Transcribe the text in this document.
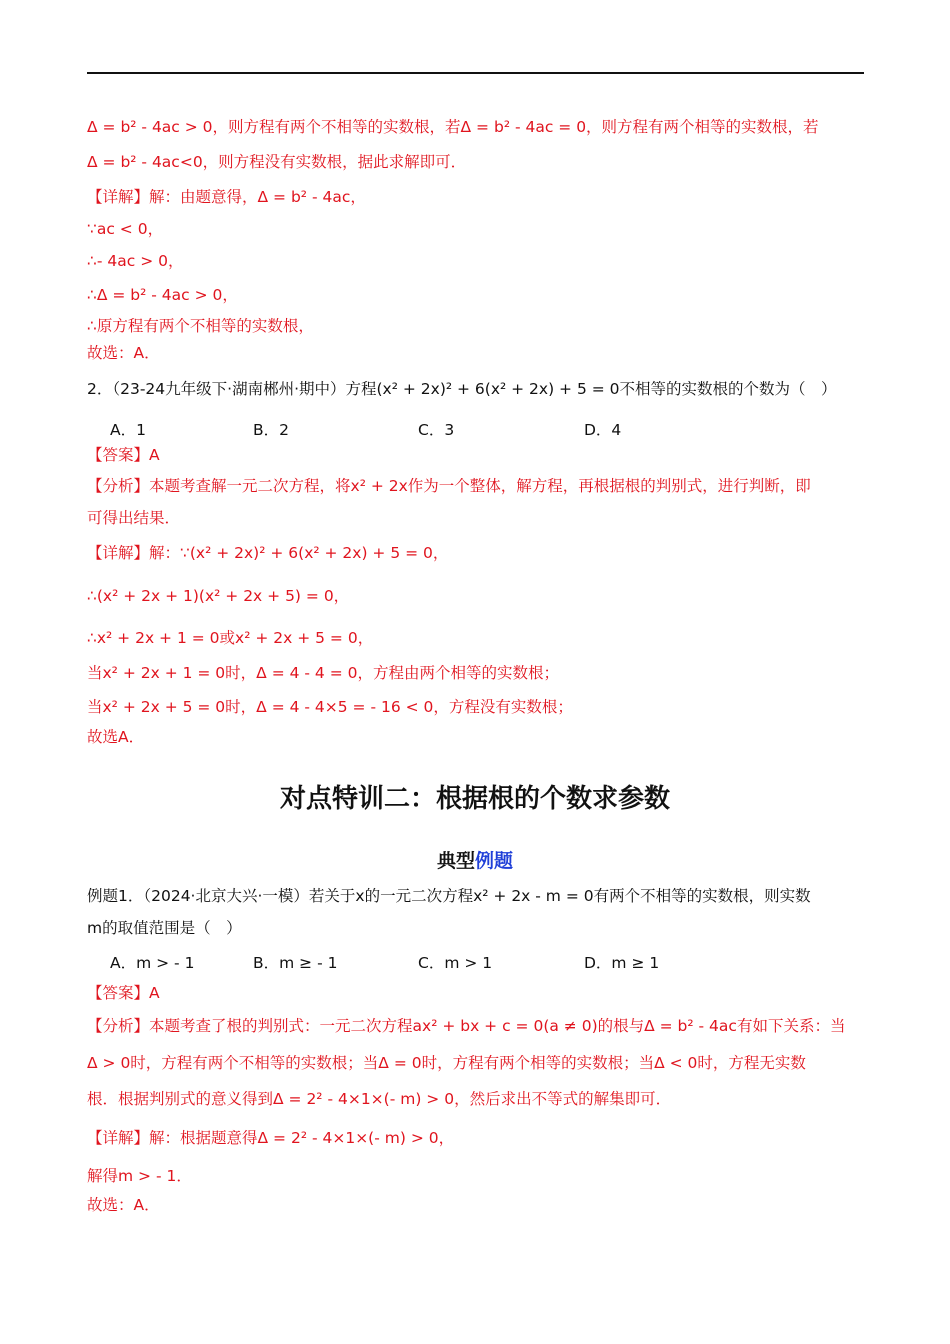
Δ = b² - 4ac > 0，则方程有两个不相等的实数根，若Δ = b² - 4ac = 0，则方程有两个相等的实数根，若
Δ = b² - 4ac<0，则方程没有实数根，据此求解即可．
【详解】解：由题意得，Δ = b² - 4ac，
∵ac < 0，
∴- 4ac > 0，
∴Δ = b² - 4ac > 0，
∴原方程有两个不相等的实数根，
故选：A．
2．（23-24九年级下·湖南郴州·期中）方程(x² + 2x)² + 6(x² + 2x) + 5 = 0不相等的实数根的个数为（　）
A．1	B．2	C．3	D．4
【答案】A
【分析】本题考查解一元二次方程，将x² + 2x作为一个整体，解方程，再根据根的判别式，进行判断，即
可得出结果．
【详解】解：∵(x² + 2x)² + 6(x² + 2x) + 5 = 0，
∴(x² + 2x + 1)(x² + 2x + 5) = 0，
∴x² + 2x + 1 = 0或x² + 2x + 5 = 0，
当x² + 2x + 1 = 0时，Δ = 4 - 4 = 0，方程由两个相等的实数根；
当x² + 2x + 5 = 0时，Δ = 4 - 4×5 = - 16 < 0，方程没有实数根；
故选A．
对点特训二：根据根的个数求参数
典型例题
例题1．（2024·北京大兴·一模）若关于x的一元二次方程x² + 2x - m = 0有两个不相等的实数根，则实数
m的取值范围是（　）
A．m > - 1	B．m ≥ - 1	C．m > 1	D．m ≥ 1
【答案】A
【分析】本题考查了根的判别式：一元二次方程ax² + bx + c = 0(a ≠ 0)的根与Δ = b² - 4ac有如下关系：当
Δ > 0时，方程有两个不相等的实数根；当Δ = 0时，方程有两个相等的实数根；当Δ < 0时，方程无实数
根．根据判别式的意义得到Δ = 2² - 4×1×(- m) > 0，然后求出不等式的解集即可．
【详解】解：根据题意得Δ = 2² - 4×1×(- m) > 0，
解得m > - 1．
故选：A．
